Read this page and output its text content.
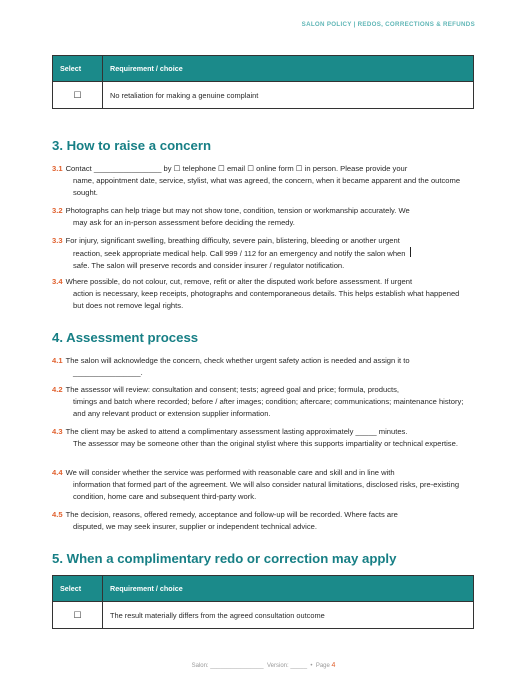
SALON POLICY | REDOS, CORRECTIONS & REFUNDS
Select	Requirement / choice
☐	No retaliation for making a genuine complaint
3. How to raise a concern
3.1 Contact ________________ by ☐ telephone ☐ email ☐ online form ☐ in person. Please provide your
name, appointment date, service, stylist, what was agreed, the concern, when it became apparent and the outcome sought.
3.2 Photographs can help triage but may not show tone, condition, tension or workmanship accurately. We
may ask for an in-person assessment before deciding the remedy.
3.3 For injury, significant swelling, breathing difficulty, severe pain, blistering, bleeding or another urgent
reaction, seek appropriate medical help. Call 999 / 112 for an emergency and notify the salon when
safe. The salon will preserve records and consider insurer / regulator notification.
3.4 Where possible, do not colour, cut, remove, refit or alter the disputed work before assessment. If urgent
action is necessary, keep receipts, photographs and contemporaneous details. This helps establish what happened but does not remove legal rights.
4. Assessment process
4.1 The salon will acknowledge the concern, check whether urgent safety action is needed and assign it to
________________.
4.2 The assessor will review: consultation and consent; tests; agreed goal and price; formula, products,
timings and batch where recorded; before / after images; condition; aftercare; communications; maintenance history; and any relevant product or extension supplier information.
4.3 The client may be asked to attend a complimentary assessment lasting approximately _____ minutes.
The assessor may be someone other than the original stylist where this supports impartiality or technical expertise.
4.4 We will consider whether the service was performed with reasonable care and skill and in line with
information that formed part of the agreement. We will also consider natural limitations, disclosed risks, pre-existing condition, home care and subsequent third-party work.
4.5 The decision, reasons, offered remedy, acceptance and follow-up will be recorded. Where facts are
disputed, we may seek insurer, supplier or independent technical advice.
5. When a complimentary redo or correction may apply
Select	Requirement / choice
☐	The result materially differs from the agreed consultation outcome
Salon: ________________ Version: _____ • Page 4
